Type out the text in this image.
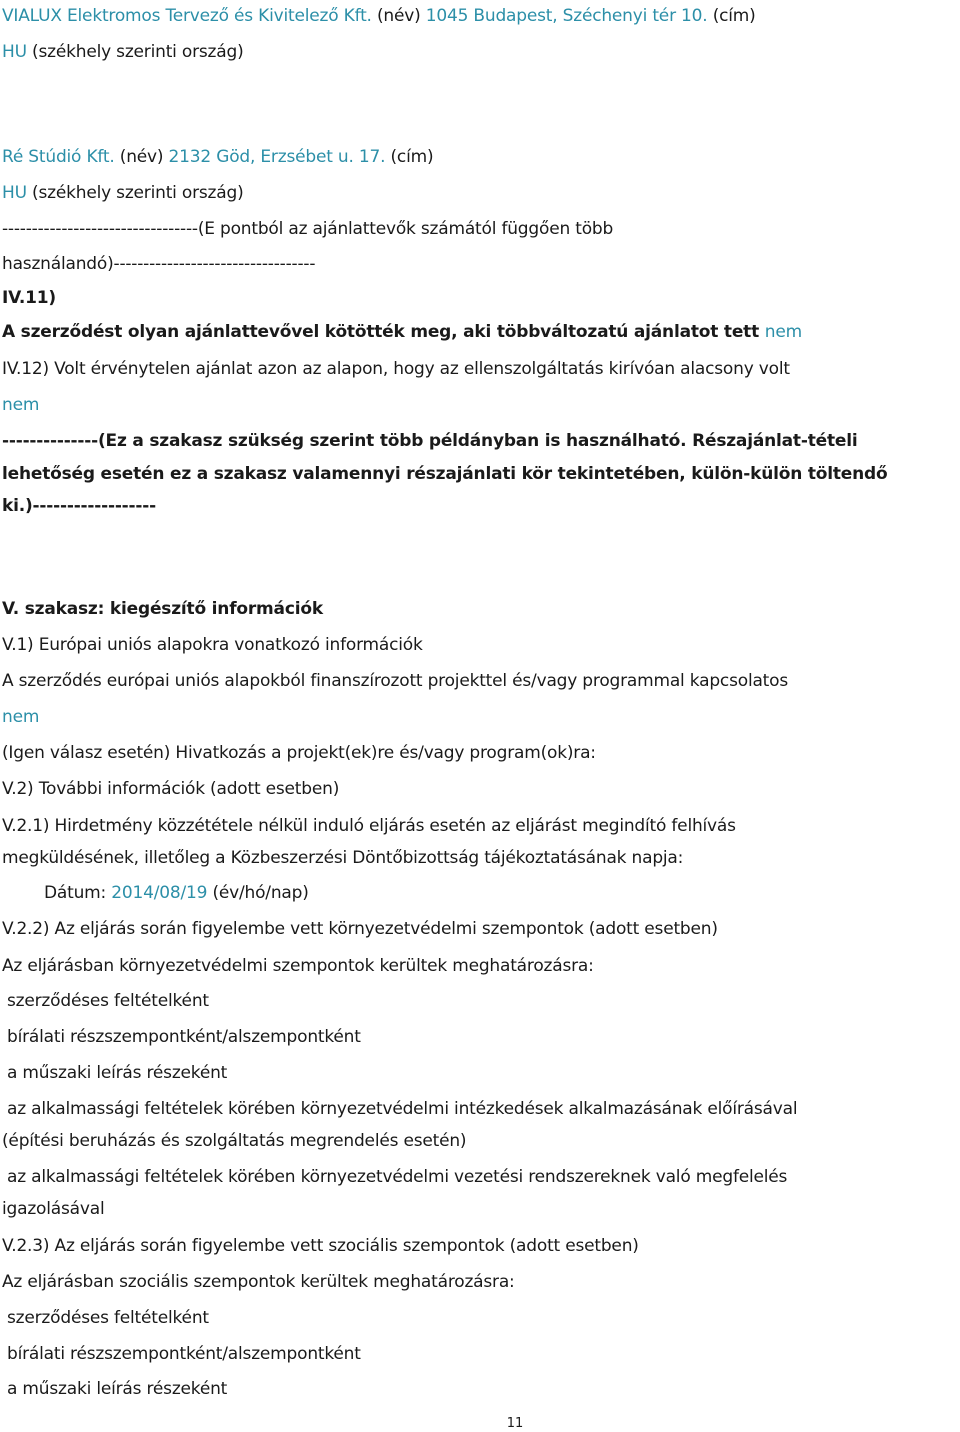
VIALUX Elektromos Tervező és Kivitelező Kft. (név) 1045 Budapest, Széchenyi tér 10. (cím)
HU (székhely szerinti ország)
Ré Stúdió Kft. (név) 2132 Göd, Erzsébet u. 17. (cím)
HU (székhely szerinti ország)
---------------------------------(E pontból az ajánlattevők számától függően több
használandó)----------------------------------
IV.11)
A szerződést olyan ajánlattevővel kötötték meg, aki többváltozatú ajánlatot tett nem
IV.12) Volt érvénytelen ajánlat azon az alapon, hogy az ellenszolgáltatás kirívóan alacsony volt
nem
--------------(Ez a szakasz szükség szerint több példányban is használható. Részajánlat-tételi
lehetőség esetén ez a szakasz valamennyi részajánlati kör tekintetében, külön-külön töltendő
ki.)------------------
V. szakasz: kiegészítő információk
V.1) Európai uniós alapokra vonatkozó információk
A szerződés európai uniós alapokból finanszírozott projekttel és/vagy programmal kapcsolatos
nem
(Igen válasz esetén) Hivatkozás a projekt(ek)re és/vagy program(ok)ra:
V.2) További információk (adott esetben)
V.2.1) Hirdetmény közzététele nélkül induló eljárás esetén az eljárást megindító felhívás
megküldésének, illetőleg a Közbeszerzési Döntőbizottság tájékoztatásának napja:
Dátum: 2014/08/19 (év/hó/nap)
V.2.2) Az eljárás során figyelembe vett környezetvédelmi szempontok (adott esetben)
Az eljárásban környezetvédelmi szempontok kerültek meghatározásra:
szerződéses feltételként
bírálati részszempontként/alszempontként
a műszaki leírás részeként
az alkalmassági feltételek körében környezetvédelmi intézkedések alkalmazásának előírásával
(építési beruházás és szolgáltatás megrendelés esetén)
az alkalmassági feltételek körében környezetvédelmi vezetési rendszereknek való megfelelés
igazolásával
V.2.3) Az eljárás során figyelembe vett szociális szempontok (adott esetben)
Az eljárásban szociális szempontok kerültek meghatározásra:
szerződéses feltételként
bírálati részszempontként/alszempontként
a műszaki leírás részeként
11
